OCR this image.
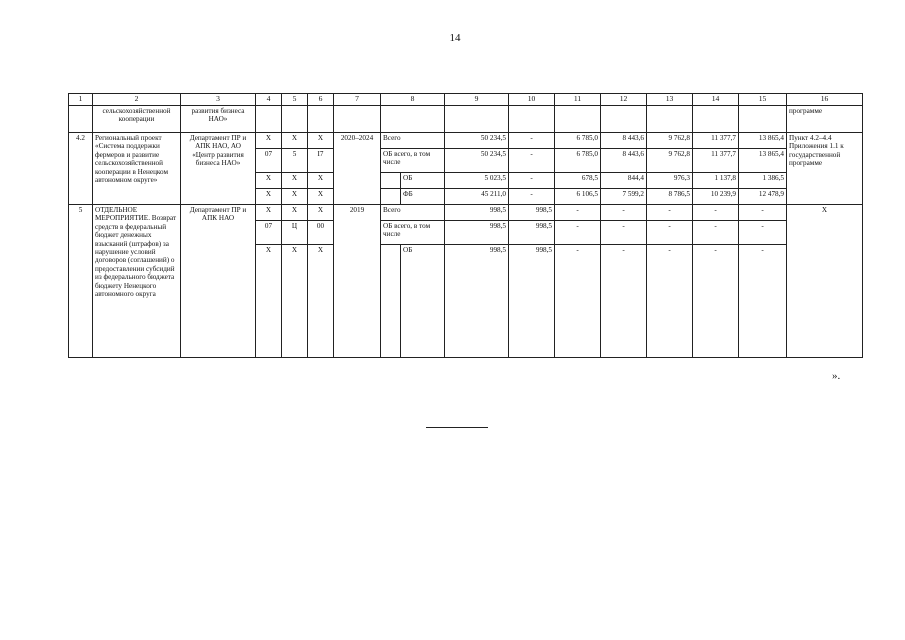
14
1	2	3	4	5	6	7	8		9	10	11	12	13	14	15	16
	сельскохозяйственной кооперации	развития бизнеса НАО»														программе
4.2	Региональный проект «Система поддержки фермеров и развитие сельскохозяйственной кооперации в Ненецком автономном округе»	Департамент ПР и АПК НАО, АО «Центр развития бизнеса НАО»	Х	Х	Х	2020–2024	Всего		50 234,5	-	6 785,0	8 443,6	9 762,8	11 377,7	13 865,4	Пункт 4.2–4.4 Приложения 1.1 к государственной программе
			07	5	I7		ОБ всего, в том числе		50 234,5	-	6 785,0	8 443,6	9 762,8	11 377,7	13 865,4	
			Х	Х	Х			ОБ	5 023,5	-	678,5	844,4	976,3	1 137,8	1 386,5	
			Х	Х	Х			ФБ	45 211,0	-	6 106,5	7 599,2	8 786,5	10 239,9	12 478,9	
5	ОТДЕЛЬНОЕ МЕРОПРИЯТИЕ. Возврат средств в федеральный бюджет денежных взысканий (штрафов) за нарушение условий договоров (соглашений) о предоставлении субсидий из федерального бюджета бюджету Ненецкого автономного округа	Департамент ПР и АПК НАО	Х	Х	Х	2019	Всего		998,5	998,5	-	-	-	-	-	Х
			07	Ц	00		ОБ всего, в том числе		998,5	998,5	-	-	-	-	-	
			Х	Х	Х			ОБ	998,5	998,5	-	-	-	-	-	
».
